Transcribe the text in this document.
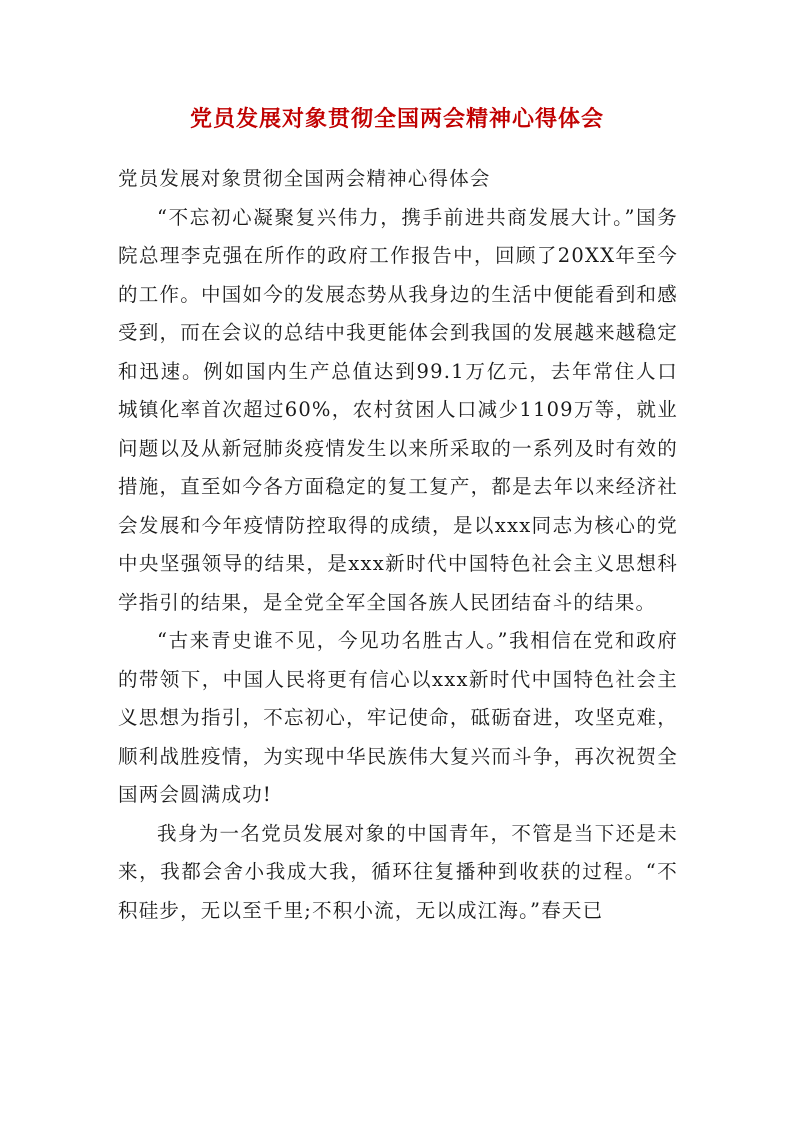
党员发展对象贯彻全国两会精神心得体会

党员发展对象贯彻全国两会精神心得体会

“不忘初心凝聚复兴伟力，携手前进共商发展大计。”国务院总理李克强在所作的政府工作报告中，回顾了20XX年至今的工作。中国如今的发展态势从我身边的生活中便能看到和感受到，而在会议的总结中我更能体会到我国的发展越来越稳定和迅速。例如国内生产总值达到99.1万亿元，去年常住人口城镇化率首次超过60%，农村贫困人口减少1109万等，就业问题以及从新冠肺炎疫情发生以来所采取的一系列及时有效的措施，直至如今各方面稳定的复工复产，都是去年以来经济社会发展和今年疫情防控取得的成绩，是以xxx同志为核心的党中央坚强领导的结果，是xxx新时代中国特色社会主义思想科学指引的结果，是全党全军全国各族人民团结奋斗的结果。

“古来青史谁不见，今见功名胜古人。”我相信在党和政府的带领下，中国人民将更有信心以xxx新时代中国特色社会主义思想为指引，不忘初心，牢记使命，砥砺奋进，攻坚克难，顺利战胜疫情，为实现中华民族伟大复兴而斗争，再次祝贺全国两会圆满成功!

我身为一名党员发展对象的中国青年，不管是当下还是未来，我都会舍小我成大我，循环往复播种到收获的过程。“不积硅步，无以至千里;不积小流，无以成江海。”春天已
